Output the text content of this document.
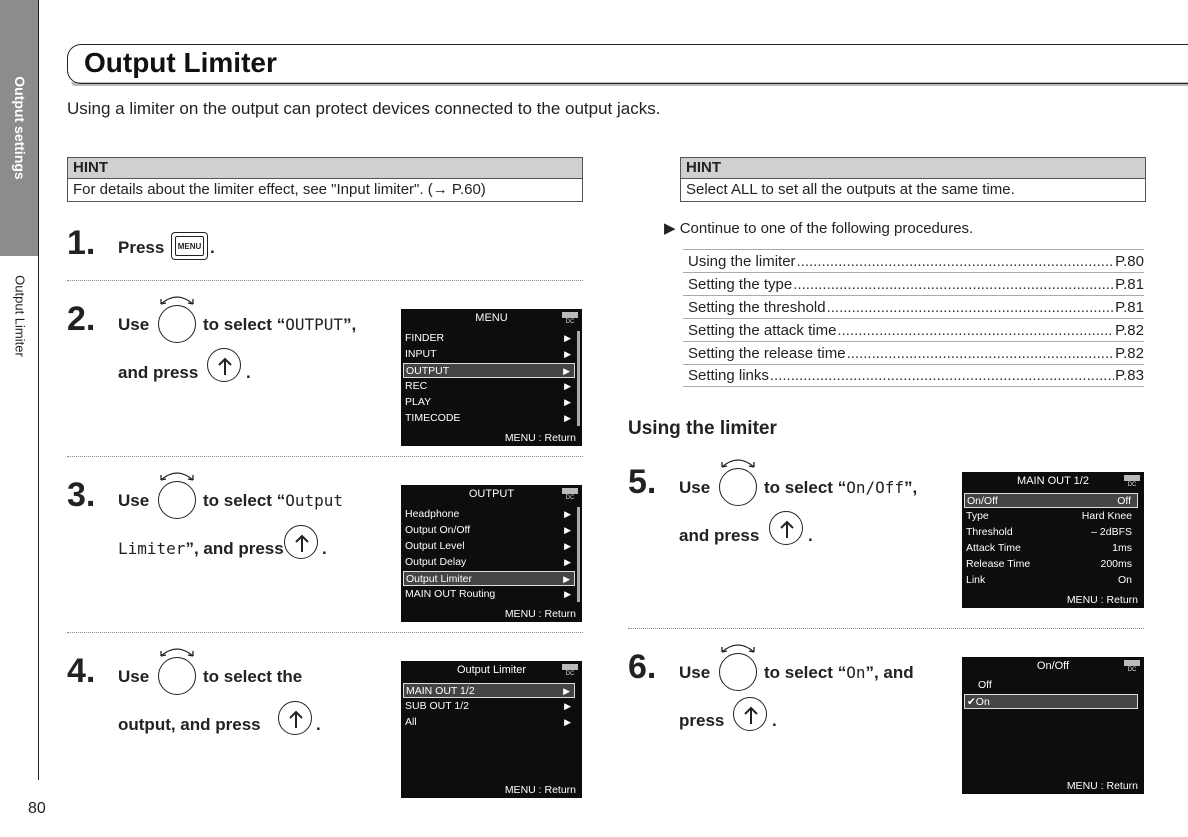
Output settings
Output Limiter
80
Output Limiter
Using a limiter on the output can protect devices connected to the output jacks.
HINT
For details about the limiter effect, see "Input limiter". (→ P.60)
HINT
Select ALL to set all the outputs at the same time.
1. Press MENU .
2. Use	to select “OUTPUT”,
and press	.
MENU	DC
FINDER	▶
INPUT	▶
OUTPUT	▶
REC	▶
PLAY	▶
TIMECODE	▶
MENU : Return
3. Use	to select “Output
Limiter”, and press .
OUTPUT	DC
Headphone	▶
Output On/Off	▶
Output Level	▶
Output Delay	▶
Output Limiter	▶
MAIN OUT Routing	▶
MENU : Return
4. Use	to select the
output, and press	.
Output Limiter	DC
MAIN OUT 1/2	▶
SUB OUT 1/2	▶
All	▶
MENU : Return
▶ Continue to one of the following procedures.
Using the limiter .....	P.80
Setting the type .....	P.81
Setting the threshold .....	P.81
Setting the attack time .....	P.82
Setting the release time .....	P.82
Setting links .....	P.83
Using the limiter
5. Use	to select “On/Off”,
and press	.
MAIN OUT 1/2	DC
On/Off	Off
Type	Hard Knee
Threshold	– 2dBFS
Attack Time	1ms
Release Time	200ms
Link	On
MENU : Return
6. Use	to select “On”, and
press	.
On/Off	DC
Off
✔On
MENU : Return
